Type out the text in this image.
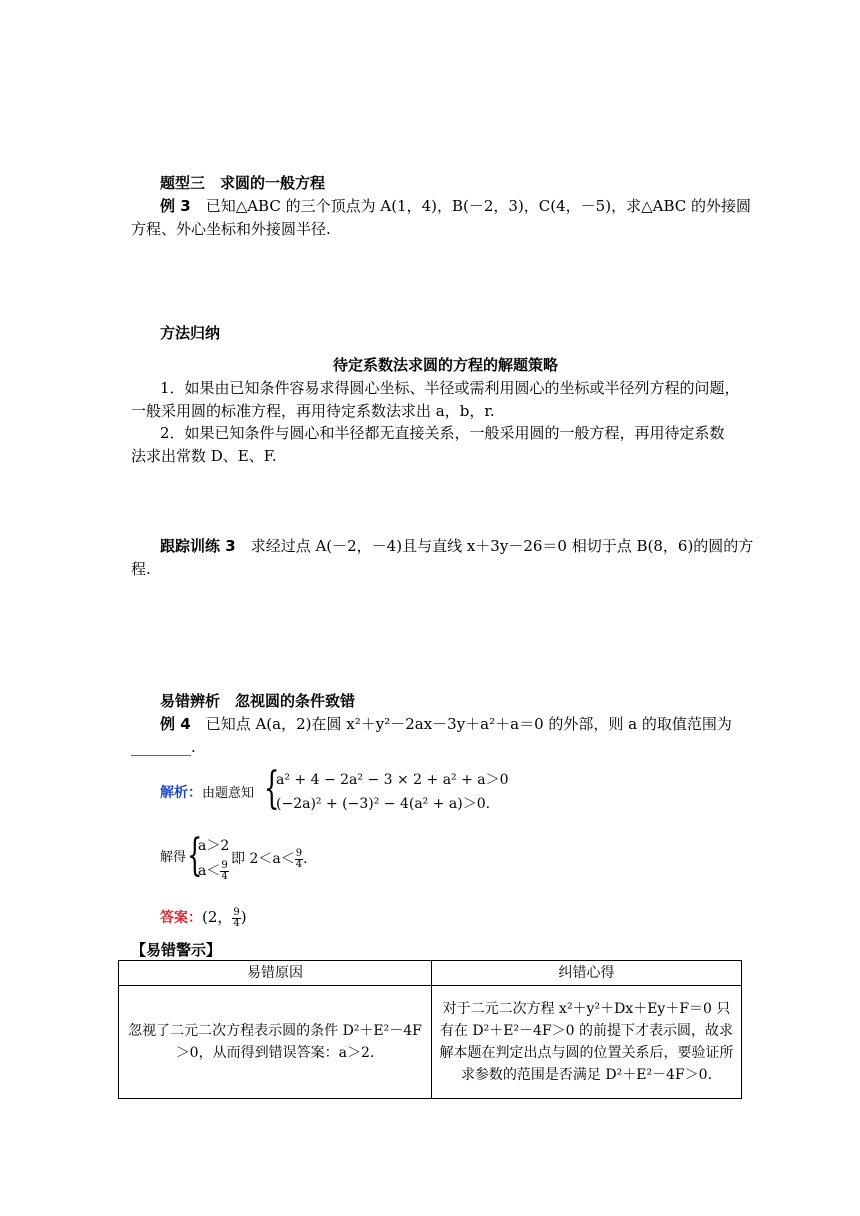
题型三　求圆的一般方程
例 3　 已知△ABC 的三个顶点为 A(1，4)，B(－2，3)，C(4，－5)，求△ABC 的外接圆
方程、外心坐标和外接圆半径.
方法归纳
待定系数法求圆的方程的解题策略
1．如果由已知条件容易求得圆心坐标、半径或需利用圆心的坐标或半径列方程的问题，
一般采用圆的标准方程，再用待定系数法求出 a，b，r.
2．如果已知条件与圆心和半径都无直接关系，一般采用圆的一般方程，再用待定系数
法求出常数 D、E、F.
跟踪训练 3　 求经过点 A(－2，－4)且与直线 x＋3y－26＝0 相切于点 B(8，6)的圆的方
程.
易错辨析　忽视圆的条件致错
例 4　 已知点 A(a，2)在圆 x²＋y²－2ax－3y＋a²＋a＝0 的外部，则 a 的取值范围为
________.
解析：由题意知 {
a² + 4 − 2a² − 3 × 2 + a² + a＞0
(−2a)² + (−3)² − 4(a² + a)＞0.
解得 {
a＞2
$a< \frac{9}{4}$
即 $2<a< \frac{9}{4}$ .
答案：(2， $\frac{9}{4}$ )
【易错警示】
易错原因	纠错心得
忽视了二元二次方程表示圆的条件 D²＋E²－4F＞0，从而得到错误答案：a＞2.	对于二元二次方程 x²＋y²＋Dx＋Ey＋F＝0 只有在 D²＋E²－4F＞0 的前提下才表示圆，故求解本题在判定出点与圆的位置关系后，要验证所求参数的范围是否满足 D²＋E²－4F＞0.
